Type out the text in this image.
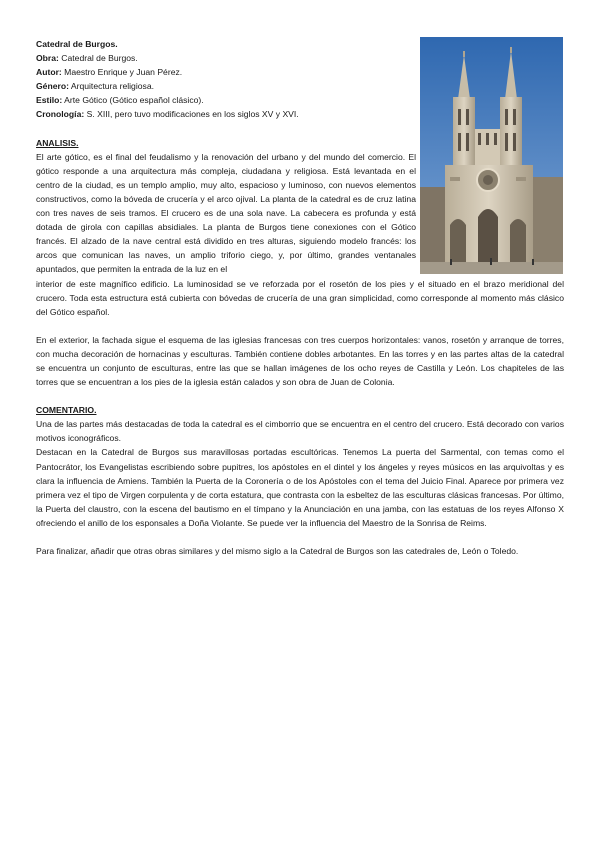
Catedral de Burgos.

Obra: Catedral de Burgos.

Autor: Maestro Enrique y Juan Pérez.

Género: Arquitectura religiosa.

Estilo: Arte Gótico (Gótico español clásico).

Cronología: S. XIII, pero tuvo modificaciones en los siglos XV y XVI.

ANALISIS.

El arte gótico, es el final del feudalismo y la renovación del urbano y del mundo del comercio. El gótico responde a una arquitectura más compleja, ciudadana y religiosa. Está levantada en el centro de la ciudad, es un templo amplio, muy alto, espacioso y luminoso, con nuevos elementos constructivos, como la bóveda de crucería y el arco ojival. La planta de la catedral es de cruz latina con tres naves de seis tramos. El crucero es de una sola nave. La cabecera es profunda y está dotada de girola con capillas absidiales. La planta de Burgos tiene conexiones con el Gótico francés. El alzado de la nave central está dividido en tres alturas, siguiendo modelo francés: los arcos que comunican las naves, un amplio triforio ciego, y, por último, grandes ventanales apuntados, que permiten la entrada de la luz en el

interior de este magnífico edificio. La luminosidad se ve reforzada por el rosetón de los pies y el situado en el brazo meridional del crucero. Toda esta estructura está cubierta con bóvedas de crucería de una gran simplicidad, como corresponde al momento más clásico del Gótico español.

En el exterior, la fachada sigue el esquema de las iglesias francesas con tres cuerpos horizontales: vanos, rosetón y arranque de torres, con mucha decoración de hornacinas y esculturas. También contiene dobles arbotantes. En las torres y en las partes altas de la catedral se encuentra un conjunto de esculturas, entre las que se hallan imágenes de los ocho reyes de Castilla y León. Los chapiteles de las torres que se encuentran a los pies de la iglesia están calados y son obra de Juan de Colonia.

COMENTARIO.

Una de las partes más destacadas de toda la catedral es el cimborrio que se encuentra en el centro del crucero. Está decorado con varios motivos iconográficos.

Destacan en la Catedral de Burgos sus maravillosas portadas escultóricas. Tenemos La puerta del Sarmental, con temas como el Pantocrátor, los Evangelistas escribiendo sobre pupitres, los apóstoles en el dintel y los ángeles y reyes músicos en las arquivoltas y es clara la influencia de Amiens. También la Puerta de la Coronería o de los Apóstoles con el tema del Juicio Final. Aparece por primera vez primera vez el tipo de Virgen corpulenta y de corta estatura, que contrasta con la esbeltez de las esculturas clásicas francesas. Por último, la Puerta del claustro, con la escena del bautismo en el tímpano y la Anunciación en una jamba, con las estatuas de los reyes Alfonso X ofreciendo el anillo de los esponsales a Doña Violante. Se puede ver la influencia del Maestro de la Sonrisa de Reims.

Para finalizar, añadir que otras obras similares y del mismo siglo a la Catedral de Burgos son las catedrales de, León o Toledo.
